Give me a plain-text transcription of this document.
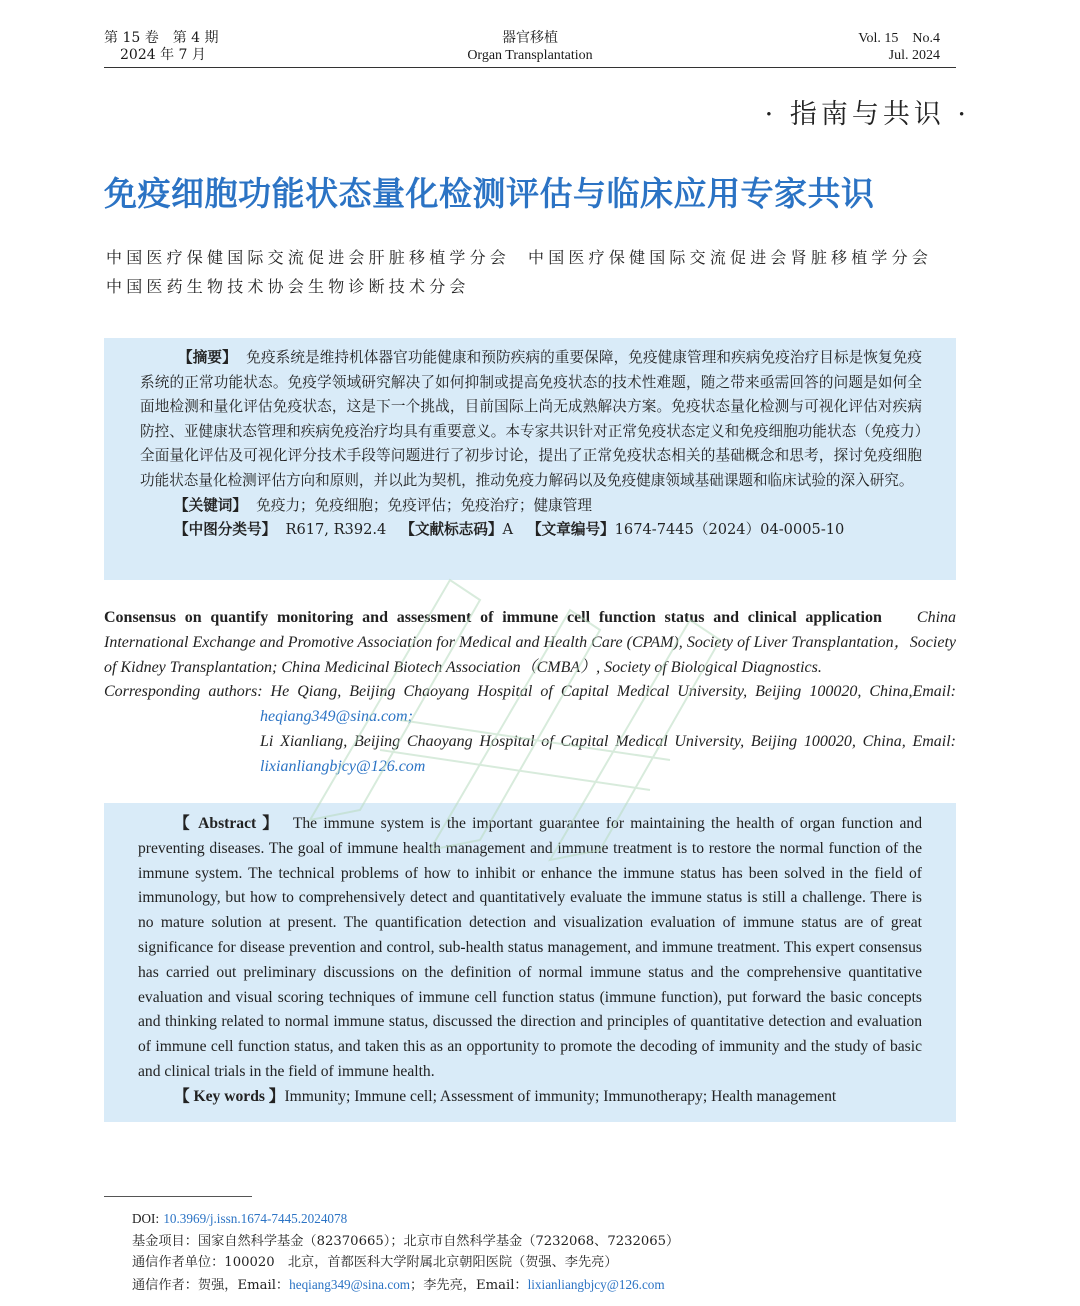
第 15 卷　第 4 期
2024 年 7 月
器官移植
Organ Transplantation
Vol. 15　No.4
Jul. 2024
· 指南与共识 ·
免疫细胞功能状态量化检测评估与临床应用专家共识
中国医疗保健国际交流促进会肝脏移植学分会 中国医疗保健国际交流促进会肾脏移植学分会
中国医药生物技术协会生物诊断技术分会

【摘要】 免疫系统是维持机体器官功能健康和预防疾病的重要保障，免疫健康管理和疾病免疫治疗目标是恢复免疫系统的正常功能状态。免疫学领域研究解决了如何抑制或提高免疫状态的技术性难题，随之带来亟需回答的问题是如何全面地检测和量化评估免疫状态，这是下一个挑战，目前国际上尚无成熟解决方案。免疫状态量化检测与可视化评估对疾病防控、亚健康状态管理和疾病免疫治疗均具有重要意义。本专家共识针对正常免疫状态定义和免疫细胞功能状态（免疫力）全面量化评估及可视化评分技术手段等问题进行了初步讨论，提出了正常免疫状态相关的基础概念和思考，探讨免疫细胞功能状态量化检测评估方向和原则，并以此为契机，推动免疫力解码以及免疫健康领域基础课题和临床试验的深入研究。

【关键词】 免疫力；免疫细胞；免疫评估；免疫治疗；健康管理

【中图分类号】 R617, R392.4 【文献标志码】A 【文章编号】1674-7445（2024）04-0005-10

Consensus on quantify monitoring and assessment of immune cell function status and clinical application China
International Exchange and Promotive Association for Medical and Health Care (CPAM), Society of Liver Transplantation，Society
of Kidney Transplantation; China Medicinal Biotech Association（CMBA）, Society of Biological Diagnostics.
Corresponding authors: He Qiang, Beijing Chaoyang Hospital of Capital Medical University, Beijing 100020, China,Email:
heqiang349@sina.com;
Li Xianliang, Beijing Chaoyang Hospital of Capital Medical University, Beijing 100020, China, Email:
lixianliangbjcy@126.com

【 Abstract 】 The immune system is the important guarantee for maintaining the health of organ function and preventing diseases. The goal of immune health management and immune treatment is to restore the normal function of the immune system. The technical problems of how to inhibit or enhance the immune status has been solved in the field of immunology, but how to comprehensively detect and quantitatively evaluate the immune status is still a challenge. There is no mature solution at present. The quantification detection and visualization evaluation of immune status are of great significance for disease prevention and control, sub-health status management, and immune treatment. This expert consensus has carried out preliminary discussions on the definition of normal immune status and the comprehensive quantitative evaluation and visual scoring techniques of immune cell function status (immune function), put forward the basic concepts and thinking related to normal immune status, discussed the direction and principles of quantitative detection and evaluation of immune cell function status, and taken this as an opportunity to promote the decoding of immunity and the study of basic and clinical trials in the field of immune health.

【 Key words 】Immunity; Immune cell; Assessment of immunity; Immunotherapy; Health management

DOI: 10.3969/j.issn.1674-7445.2024078
基金项目：国家自然科学基金（82370665）；北京市自然科学基金（7232068、7232065）
通信作者单位：100020　北京，首都医科大学附属北京朝阳医院（贺强、李先亮）
通信作者：贺强，Email：heqiang349@sina.com；李先亮，Email：lixianliangbjcy@126.com
